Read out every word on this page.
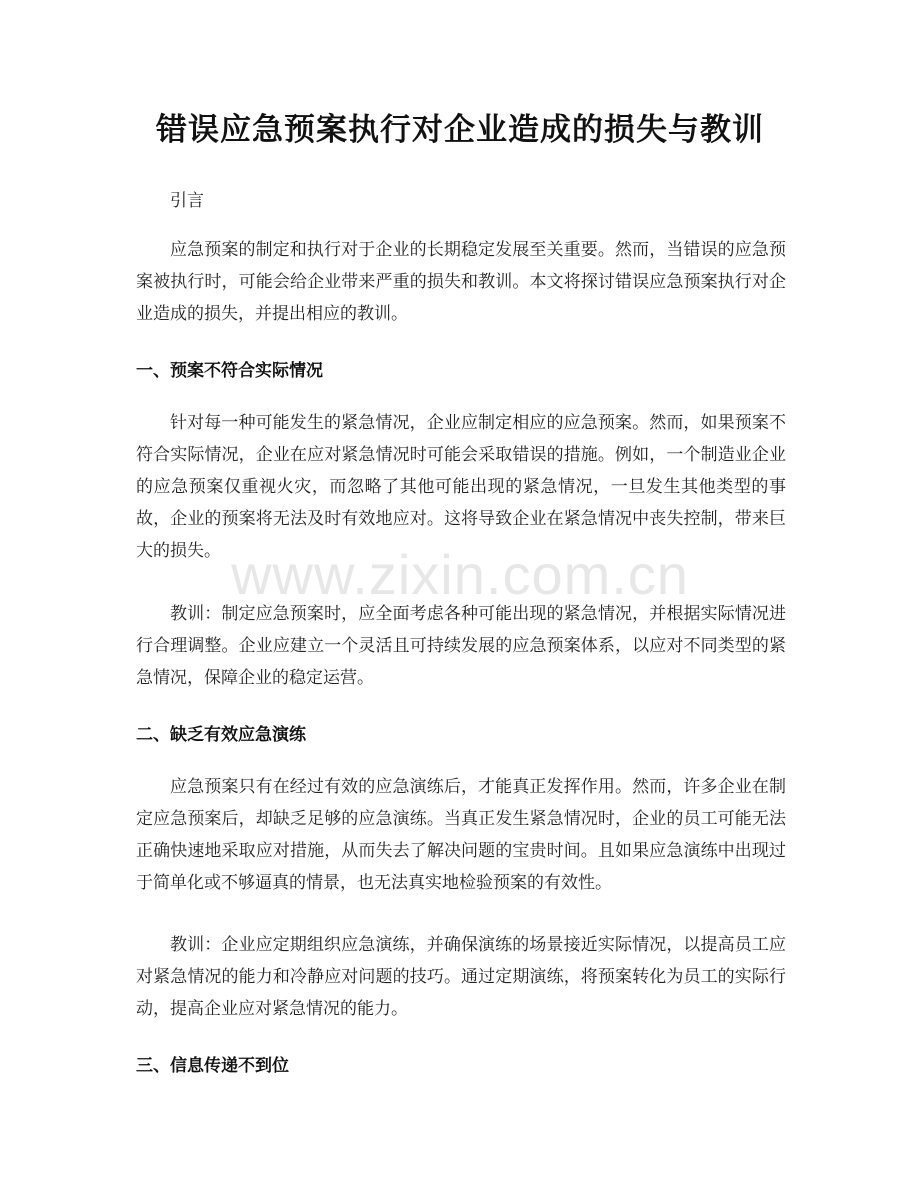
错误应急预案执行对企业造成的损失与教训

引言

应急预案的制定和执行对于企业的长期稳定发展至关重要。然而，当错误的应急预案被执行时，可能会给企业带来严重的损失和教训。本文将探讨错误应急预案执行对企业造成的损失，并提出相应的教训。

一、预案不符合实际情况

针对每一种可能发生的紧急情况，企业应制定相应的应急预案。然而，如果预案不符合实际情况，企业在应对紧急情况时可能会采取错误的措施。例如，一个制造业企业的应急预案仅重视火灾，而忽略了其他可能出现的紧急情况，一旦发生其他类型的事故，企业的预案将无法及时有效地应对。这将导致企业在紧急情况中丧失控制，带来巨大的损失。

教训：制定应急预案时，应全面考虑各种可能出现的紧急情况，并根据实际情况进行合理调整。企业应建立一个灵活且可持续发展的应急预案体系，以应对不同类型的紧急情况，保障企业的稳定运营。

二、缺乏有效应急演练

应急预案只有在经过有效的应急演练后，才能真正发挥作用。然而，许多企业在制定应急预案后，却缺乏足够的应急演练。当真正发生紧急情况时，企业的员工可能无法正确快速地采取应对措施，从而失去了解决问题的宝贵时间。且如果应急演练中出现过于简单化或不够逼真的情景，也无法真实地检验预案的有效性。

教训：企业应定期组织应急演练，并确保演练的场景接近实际情况，以提高员工应对紧急情况的能力和冷静应对问题的技巧。通过定期演练，将预案转化为员工的实际行动，提高企业应对紧急情况的能力。

三、信息传递不到位
www.zixin.com.cn
